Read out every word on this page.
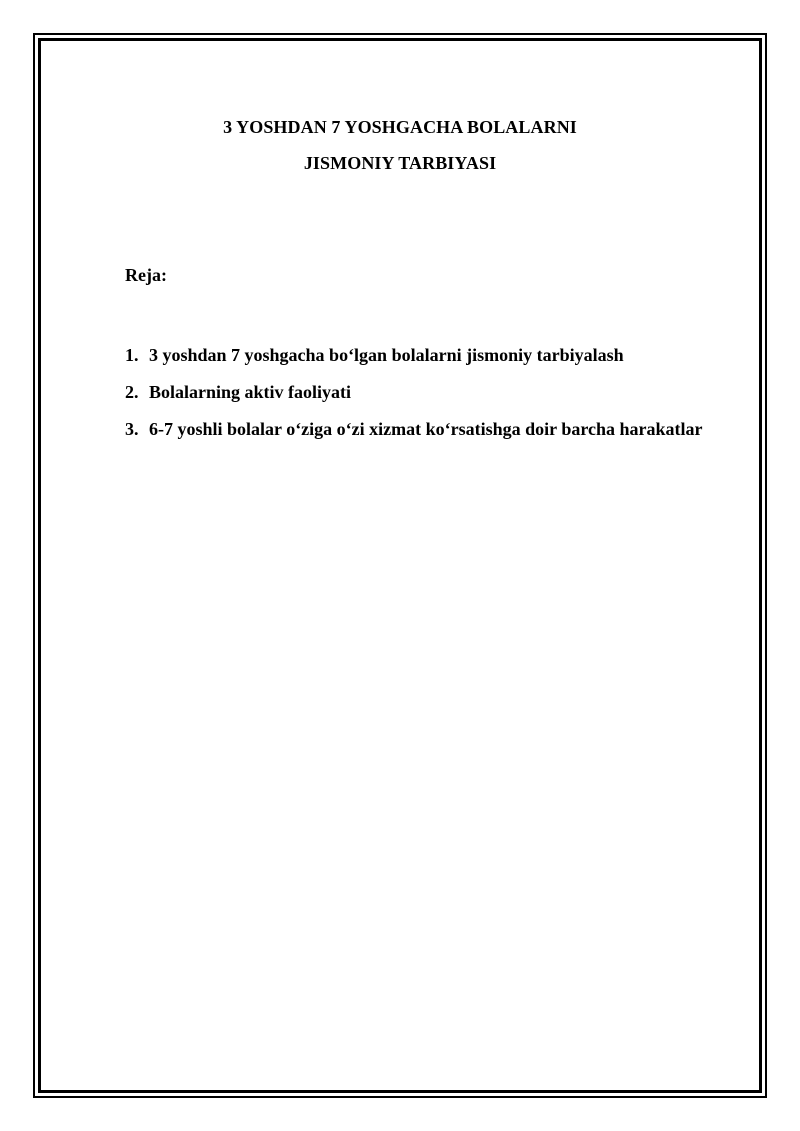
3 YOSHDAN 7 YOSHGACHA BOLALARNI
JISMONIY TARBIYASI
Reja:
1. 3 yoshdan 7 yoshgacha bo‘lgan bolalarni jismoniy tarbiyalash
2. Bolalarning aktiv faoliyati
3. 6-7 yoshli bolalar o‘ziga o‘zi xizmat ko‘rsatishga doir barcha harakatlar
